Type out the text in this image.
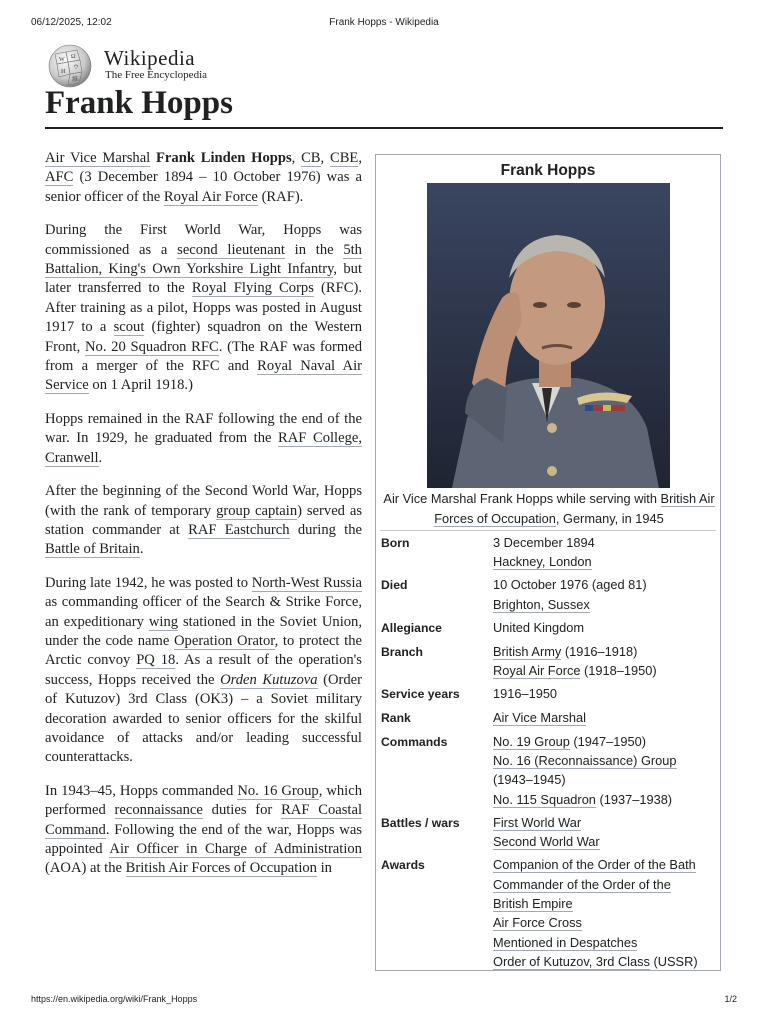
06/12/2025, 12:02	Frank Hopps - Wikipedia
W Ω
И
ウ
維
Wikipedia
The Free Encyclopedia
Frank Hopps

Air Vice Marshal Frank Linden Hopps, CB, CBE, AFC (3 December 1894 – 10 October 1976) was a senior officer of the Royal Air Force (RAF).

During the First World War, Hopps was commissioned as a second lieutenant in the 5th Battalion, King's Own Yorkshire Light Infantry, but later transferred to the Royal Flying Corps (RFC). After training as a pilot, Hopps was posted in August 1917 to a scout (fighter) squadron on the Western Front, No. 20 Squadron RFC. (The RAF was formed from a merger of the RFC and Royal Naval Air Service on 1 April 1918.)

Hopps remained in the RAF following the end of the war. In 1929, he graduated from the RAF College, Cranwell.

After the beginning of the Second World War, Hopps (with the rank of temporary group captain) served as station commander at RAF Eastchurch during the Battle of Britain.

During late 1942, he was posted to North-West Russia as commanding officer of the Search & Strike Force, an expeditionary wing stationed in the Soviet Union, under the code name Operation Orator, to protect the Arctic convoy PQ 18. As a result of the operation's success, Hopps received the Orden Kutuzova (Order of Kutuzov) 3rd Class (OK3) – a Soviet military decoration awarded to senior officers for the skilful avoidance of attacks and/or leading successful counterattacks.

In 1943–45, Hopps commanded No. 16 Group, which performed reconnaissance duties for RAF Coastal Command. Following the end of the war, Hopps was appointed Air Officer in Charge of Administration (AOA) at the British Air Forces of Occupation in

Frank Hopps
Air Vice Marshal Frank Hopps while serving with British Air Forces of Occupation, Germany, in 1945
Born	3 December 1894
Hackney, London
Died	10 October 1976 (aged 81)
Brighton, Sussex
Allegiance	United Kingdom
Branch	British Army (1916–1918)
Royal Air Force (1918–1950)
Service years	1916–1950
Rank	Air Vice Marshal
Commands	No. 19 Group (1947–1950)
No. 16 (Reconnaissance) Group
(1943–1945)
No. 115 Squadron (1937–1938)
Battles / wars	First World War
Second World War
Awards	Companion of the Order of the Bath
Commander of the Order of the
British Empire
Air Force Cross
Mentioned in Despatches
Order of Kutuzov, 3rd Class (USSR)
https://en.wikipedia.org/wiki/Frank_Hopps	1/2
